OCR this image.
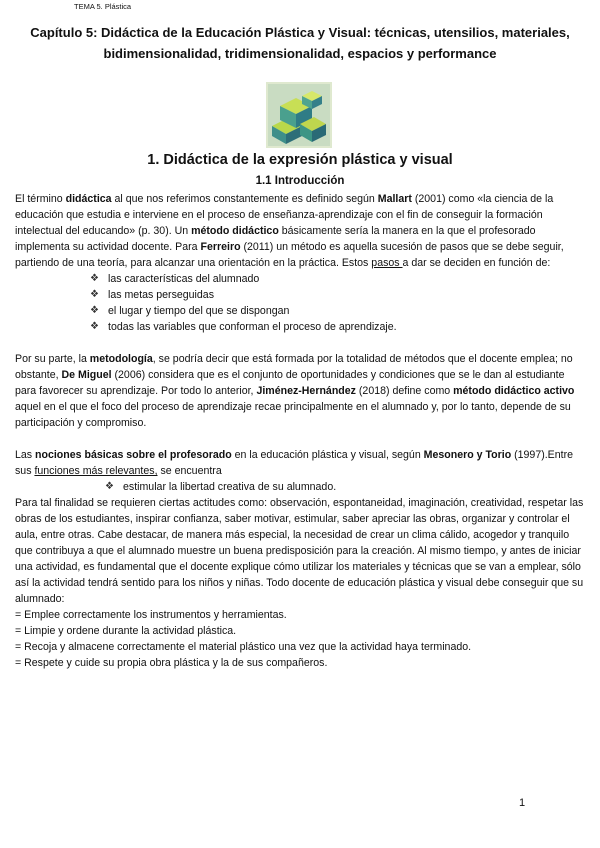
TEMA 5. Plástica
Capítulo 5: Didáctica de la Educación Plástica y Visual: técnicas, utensilios, materiales, bidimensionalidad, tridimensionalidad, espacios y performance
1. Didáctica de la expresión plástica y visual
1.1 Introducción

El término didáctica al que nos referimos constantemente es definido según Mallart (2001) como «la ciencia de la educación que estudia e interviene en el proceso de enseñanza-aprendizaje con el fin de conseguir la formación intelectual del educando» (p. 30). Un método didáctico básicamente sería la manera en la que el profesorado implementa su actividad docente. Para Ferreiro (2011) un método es aquella sucesión de pasos que se debe seguir, partiendo de una teoría, para alcanzar una orientación en la práctica. Estos pasos a dar se deciden en función de:

❖ las características del alumnado
❖ las metas perseguidas
❖ el lugar y tiempo del que se dispongan
❖ todas las variables que conforman el proceso de aprendizaje.

Por su parte, la metodología, se podría decir que está formada por la totalidad de métodos que el docente emplea; no obstante, De Miguel (2006) considera que es el conjunto de oportunidades y condiciones que se le dan al estudiante para favorecer su aprendizaje. Por todo lo anterior, Jiménez-Hernández (2018) define como método didáctico activo aquel en el que el foco del proceso de aprendizaje recae principalmente en el alumnado y, por lo tanto, depende de su participación y compromiso.

Las nociones básicas sobre el profesorado en la educación plástica y visual, según Mesonero y Torio (1997).Entre sus funciones más relevantes, se encuentra

❖ estimular la libertad creativa de su alumnado.

Para tal finalidad se requieren ciertas actitudes como: observación, espontaneidad, imaginación, creatividad, respetar las obras de los estudiantes, inspirar confianza, saber motivar, estimular, saber apreciar las obras, organizar y controlar el aula, entre otras. Cabe destacar, de manera más especial, la necesidad de crear un clima cálido, acogedor y tranquilo que contribuya a que el alumnado muestre un buena predisposición para la creación. Al mismo tiempo, y antes de iniciar una actividad, es fundamental que el docente explique cómo utilizar los materiales y técnicas que se van a emplear, sólo así la actividad tendrá sentido para los niños y niñas. Todo docente de educación plástica y visual debe conseguir que su alumnado:

= Emplee correctamente los instrumentos y herramientas.

= Limpie y ordene durante la actividad plástica.

= Recoja y almacene correctamente el material plástico una vez que la actividad haya terminado.

= Respete y cuide su propia obra plástica y la de sus compañeros.

1
